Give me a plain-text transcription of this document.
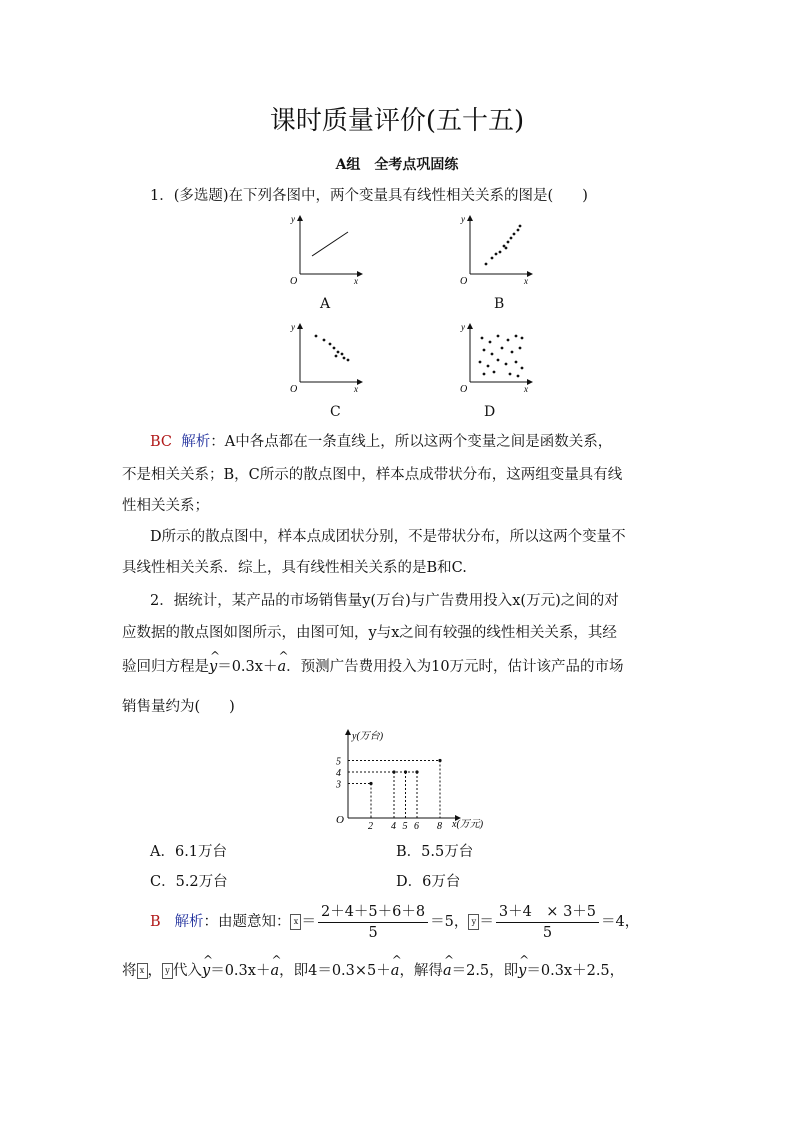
课时质量评价(五十五)
A组　全考点巩固练
1．(多选题)在下列各图中，两个变量具有线性相关关系的图是(　　)
y
x
O
A
y
x
O
B
y
x
O
C
y
x
O
D
BC 解析：A中各点都在一条直线上，所以这两个变量之间是函数关系，
不是相关关系；B，C所示的散点图中，样本点成带状分布，这两组变量具有线
性相关关系；
D所示的散点图中，样本点成团状分别，不是带状分布，所以这两个变量不
具线性相关关系．综上，具有线性相关关系的是B和C.
2．据统计，某产品的市场销售量y(万台)与广告费用投入x(万元)之间的对
应数据的散点图如图所示，由图可知，y与x之间有较强的线性相关关系，其经
验回归方程是^ y＝0.3x＋^ a．预测广告费用投入为10万元时，估计该产品的市场
销售量约为(　　)
y(万台)
x(万元)
O
2 4 5 6 8
3
4
5
A．6.1万台	B．5.5万台
C．5.2万台	D．6万台
B 解析：由题意知： $x = \frac{2+4+5+6+8}{5} =5$， $y = \frac{3+4 \times 3+5}{5} =4$，
将 x ， y 代入^ y＝0.3x＋^ a，即4＝0.3×5＋^ a，解得^ a＝2.5，即^ y＝0.3x＋2.5，
